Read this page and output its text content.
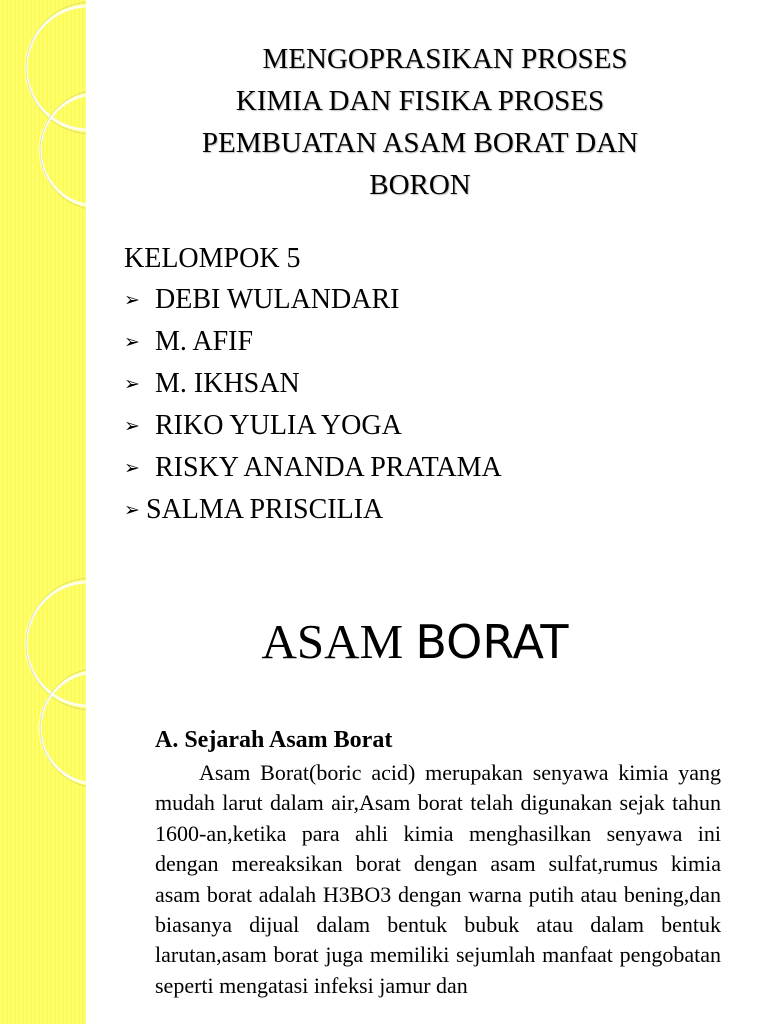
MENGOPRASIKAN PROSES
KIMIA DAN FISIKA PROSES
PEMBUATAN ASAM BORAT DAN
BORON
KELOMPOK 5
➢ DEBI WULANDARI
➢ M. AFIF
➢ M. IKHSAN
➢ RIKO YULIA YOGA
➢ RISKY ANANDA PRATAMA
➢ SALMA PRISCILIA
ASAM BORAT
A. Sejarah Asam Borat
Asam Borat(boric acid) merupakan senyawa kimia yang mudah larut dalam air,Asam borat telah digunakan sejak tahun 1600-an,ketika para ahli kimia menghasilkan senyawa ini dengan mereaksikan borat dengan asam sulfat,rumus kimia asam borat adalah H3BO3 dengan warna putih atau bening,dan biasanya dijual dalam bentuk bubuk atau dalam bentuk larutan,asam borat juga memiliki sejumlah manfaat pengobatan seperti mengatasi infeksi jamur dan
